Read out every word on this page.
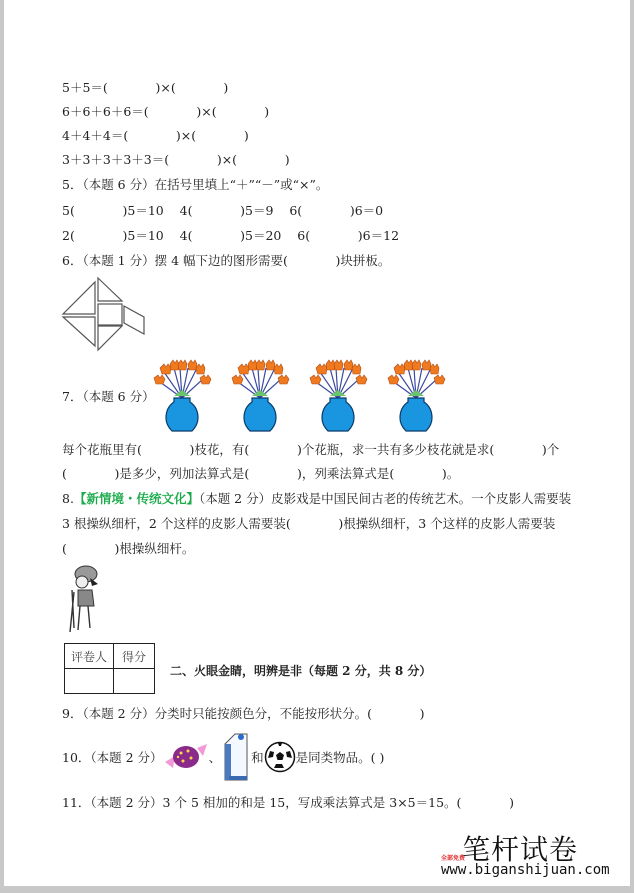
5＋5＝(            )×(            )
6＋6＋6＋6＝(            )×(            )
4＋4＋4＝(            )×(            )
3＋3＋3＋3＋3＝(            )×(            )
5．（本题 6 分）在括号里填上“＋”“－”或“×”。
5(            )5＝10    4(            )5＝9    6(            )6＝0
2(            )5＝10    4(            )5＝20    6(            )6＝12
6．（本题 1 分）摆 4 幅下边的图形需要(            )块拼板。
7．（本题 6 分）
每个花瓶里有(            )枝花，有(            )个花瓶，求一共有多少枝花就是求(            )个
(            )是多少，列加法算式是(            )，列乘法算式是(            )。
8.【新情境・传统文化】（本题 2 分）皮影戏是中国民间古老的传统艺术。一个皮影人需要装
3 根操纵细杆，2 个这样的皮影人需要装(            )根操纵细杆，3 个这样的皮影人需要装
(            )根操纵细杆。
评卷人	得分

二、火眼金睛，明辨是非（每题 2 分，共 8 分）
9．（本题 2 分）分类时只能按颜色分，不能按形状分。(            )
10．（本题 2 分）	、 和	是同类物品。( )
11．（本题 2 分）3 个 5 相加的和是 15，写成乘法算式是 3×5＝15。(            )
全部免费
笔杆试卷
www.biganshijuan.com
